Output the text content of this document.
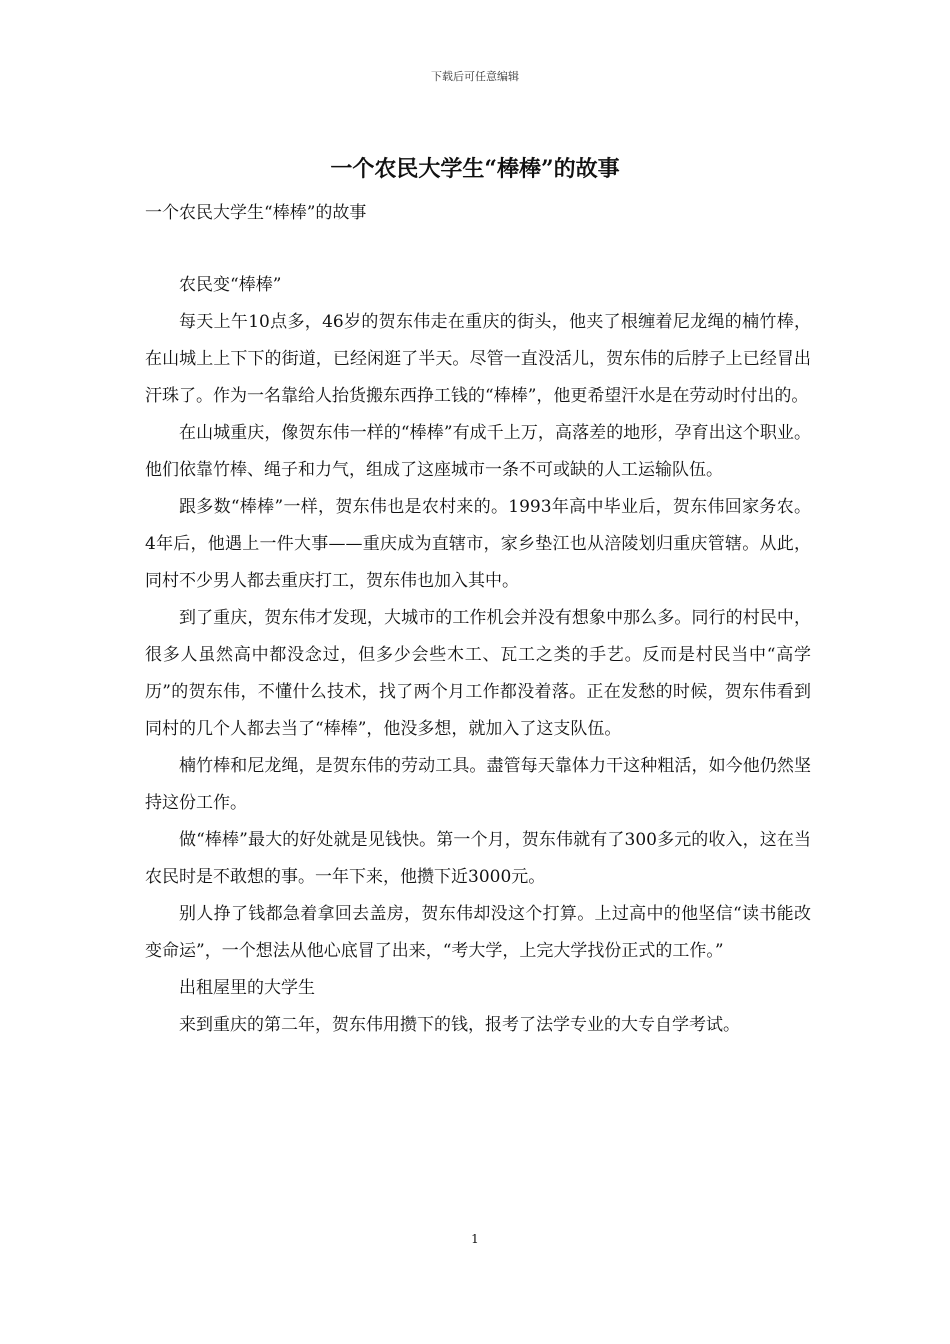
下载后可任意编辑
一个农民大学生“棒棒”的故事
一个农民大学生“棒棒”的故事

农民变“棒棒”

每天上午10点多，46岁的贺东伟走在重庆的街头，他夹了根缠着尼龙绳的楠竹棒，在山城上上下下的街道，已经闲逛了半天。尽管一直没活儿，贺东伟的后脖子上已经冒出汗珠了。作为一名靠给人抬货搬东西挣工钱的“棒棒”，他更希望汗水是在劳动时付出的。

在山城重庆，像贺东伟一样的“棒棒”有成千上万，高落差的地形，孕育出这个职业。他们依靠竹棒、绳子和力气，组成了这座城市一条不可或缺的人工运输队伍。

跟多数“棒棒”一样，贺东伟也是农村来的。1993年高中毕业后，贺东伟回家务农。4年后，他遇上一件大事——重庆成为直辖市，家乡垫江也从涪陵划归重庆管辖。从此，同村不少男人都去重庆打工，贺东伟也加入其中。

到了重庆，贺东伟才发现，大城市的工作机会并没有想象中那么多。同行的村民中，很多人虽然高中都没念过，但多少会些木工、瓦工之类的手艺。反而是村民当中“高学历”的贺东伟，不懂什么技术，找了两个月工作都没着落。正在发愁的时候，贺东伟看到同村的几个人都去当了“棒棒”，他没多想，就加入了这支队伍。

楠竹棒和尼龙绳，是贺东伟的劳动工具。盡管每天靠体力干这种粗活，如今他仍然坚持这份工作。

做“棒棒”最大的好处就是见钱快。第一个月，贺东伟就有了300多元的收入，这在当农民时是不敢想的事。一年下来，他攒下近3000元。

别人挣了钱都急着拿回去盖房，贺东伟却没这个打算。上过高中的他坚信“读书能改变命运”，一个想法从他心底冒了出来，“考大学，上完大学找份正式的工作。”

出租屋里的大学生

来到重庆的第二年，贺东伟用攒下的钱，报考了法学专业的大专自学考试。

1
